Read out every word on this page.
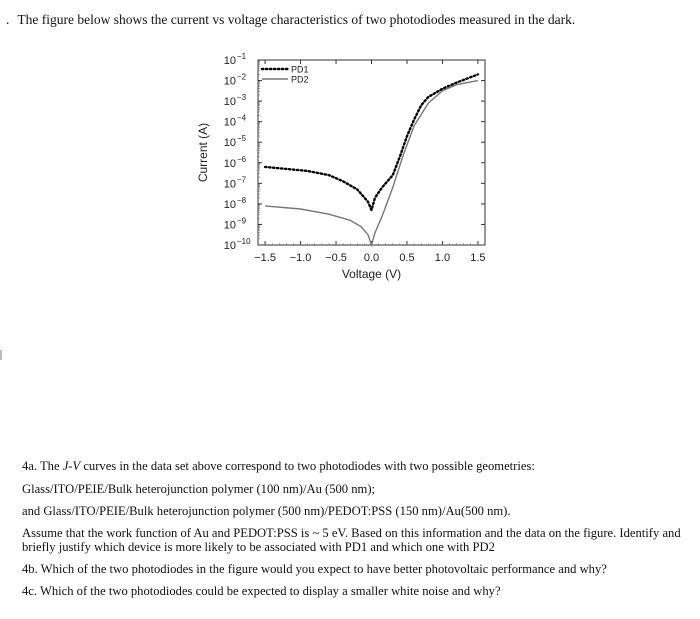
. The figure below shows the current vs voltage characteristics of two photodiodes measured in the dark.
10 −1
10 −2
10 −3
10 −4
10 −5
10 −6
10 −7
10 −8
10 −9
10 −10
−1.5 −1.0 −0.5 0.0 0.5 1.0 1.5
PD1
PD2
Current (A)
Voltage (V)

4a. The J-V curves in the data set above correspond to two photodiodes with two possible geometries:

Glass/ITO/PEIE/Bulk heterojunction polymer (100 nm)/Au (500 nm);

and Glass/ITO/PEIE/Bulk heterojunction polymer (500 nm)/PEDOT:PSS (150 nm)/Au(500 nm).

Assume that the work function of Au and PEDOT:PSS is ~ 5 eV. Based on this information and the data on the figure. Identify and briefly justify which device is more likely to be associated with PD1 and which one with PD2

4b. Which of the two photodiodes in the figure would you expect to have better photovoltaic performance and why?

4c. Which of the two photodiodes could be expected to display a smaller white noise and why?
